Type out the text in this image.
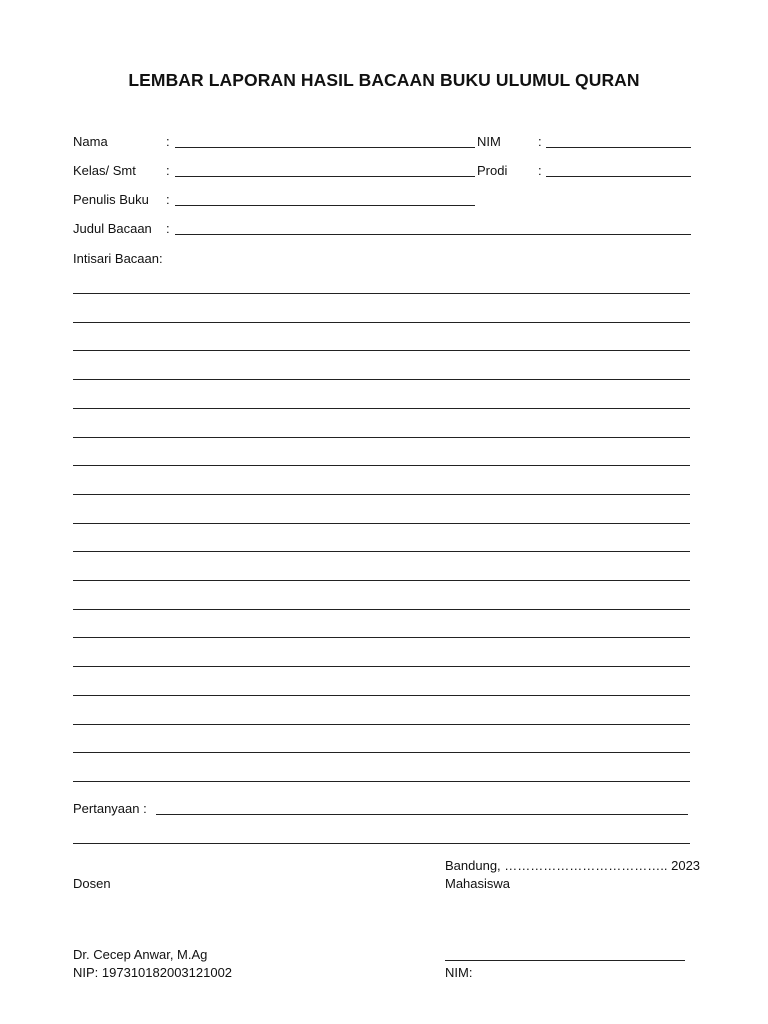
LEMBAR LAPORAN HASIL BACAAN BUKU ULUMUL QURAN
Nama	:	NIM	:
Kelas/ Smt :	Prodi :
Penulis Buku :
Judul Bacaan :
Intisari Bacaan:
Pertanyaan :
Bandung, ……………………………….. 2023
Mahasiswa
Dosen
Dr. Cecep Anwar, M.Ag
NIP: 197310182003121002	NIM:
